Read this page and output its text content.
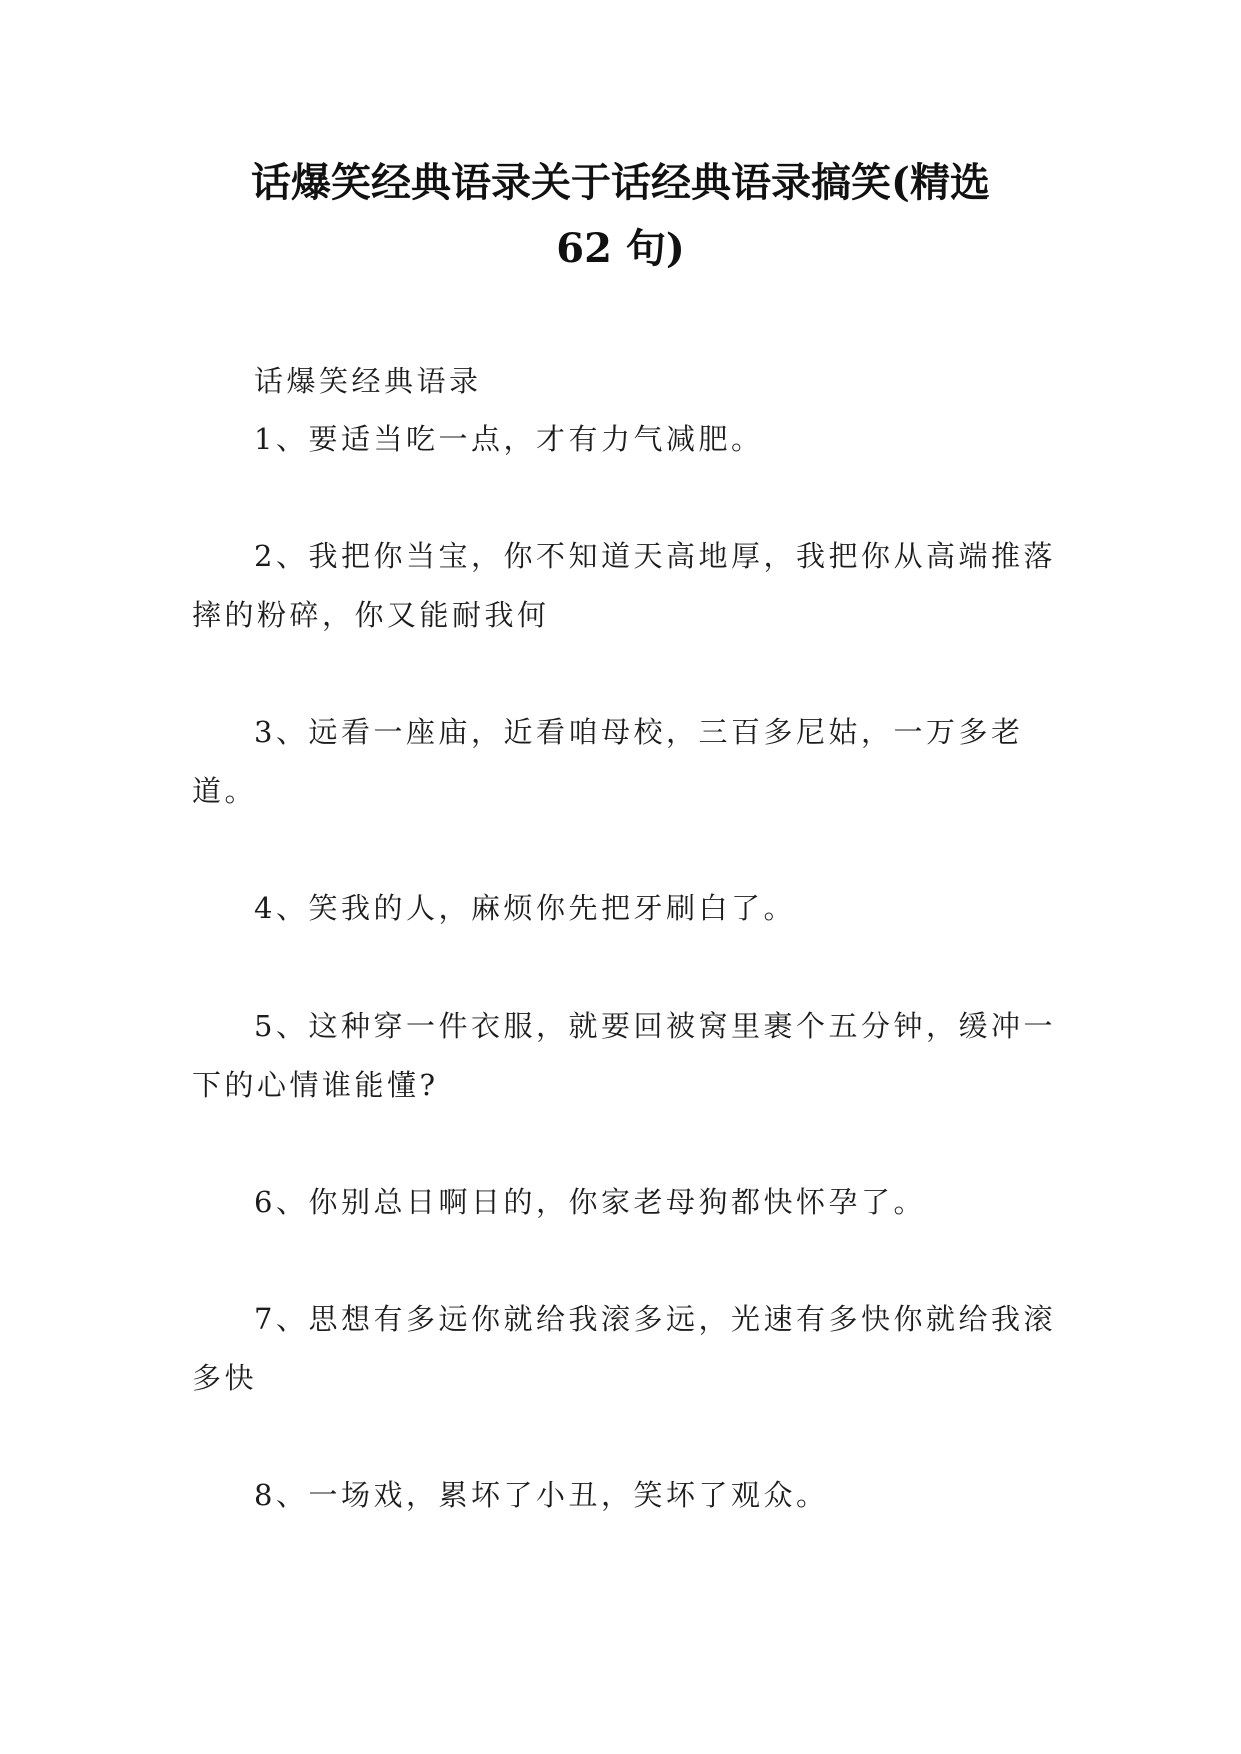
话爆笑经典语录关于话经典语录搞笑(精选
62 句)

话爆笑经典语录

1、要适当吃一点，才有力气减肥。

2、我把你当宝，你不知道天高地厚，我把你从高端推落摔的粉碎，你又能耐我何

3、远看一座庙，近看咱母校，三百多尼姑，一万多老道。

4、笑我的人，麻烦你先把牙刷白了。

5、这种穿一件衣服，就要回被窝里裹个五分钟，缓冲一下的心情谁能懂?

6、你别总日啊日的，你家老母狗都快怀孕了。

7、思想有多远你就给我滚多远，光速有多快你就给我滚多快

8、一场戏，累坏了小丑，笑坏了观众。
